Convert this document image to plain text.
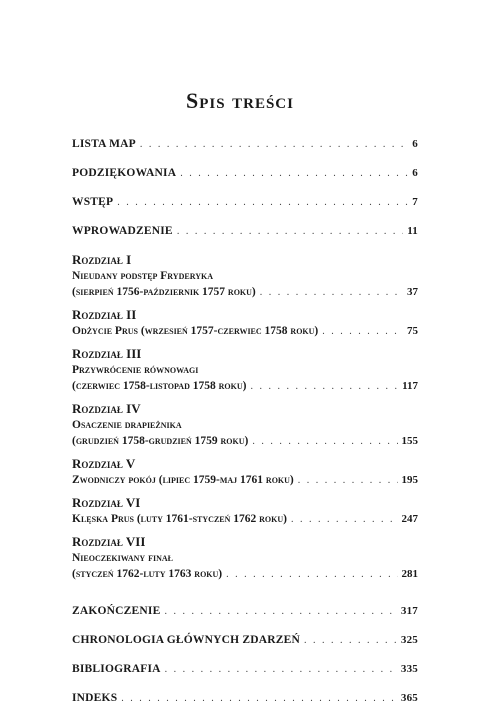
Spis treści
LISTA MAP . . .	6
PODZIĘKOWANIA . . .	6
WSTĘP . . .	7
WPROWADZENIE . . .	11
Rozdział I
Nieudany podstęp Fryderyka
(sierpień 1756-październik 1757 roku) . . .	37
Rozdział II
Odżycie Prus (wrzesień 1757-czerwiec 1758 roku) . . .	75
Rozdział III
Przywrócenie równowagi
(czerwiec 1758-listopad 1758 roku) . . .	117
Rozdział IV
Osaczenie drapieżnika
(grudzień 1758-grudzień 1759 roku) . . .	155
Rozdział V
Zwodniczy pokój (lipiec 1759-maj 1761 roku) . . .	195
Rozdział VI
Klęska Prus (luty 1761-styczeń 1762 roku) . . .	247
Rozdział VII
Nieoczekiwany finał
(styczeń 1762-luty 1763 roku) . . .	281
ZAKOŃCZENIE . . .	317
CHRONOLOGIA GŁÓWNYCH ZDARZEŃ . . .	325
BIBLIOGRAFIA . . .	335
INDEKS . . .	365
